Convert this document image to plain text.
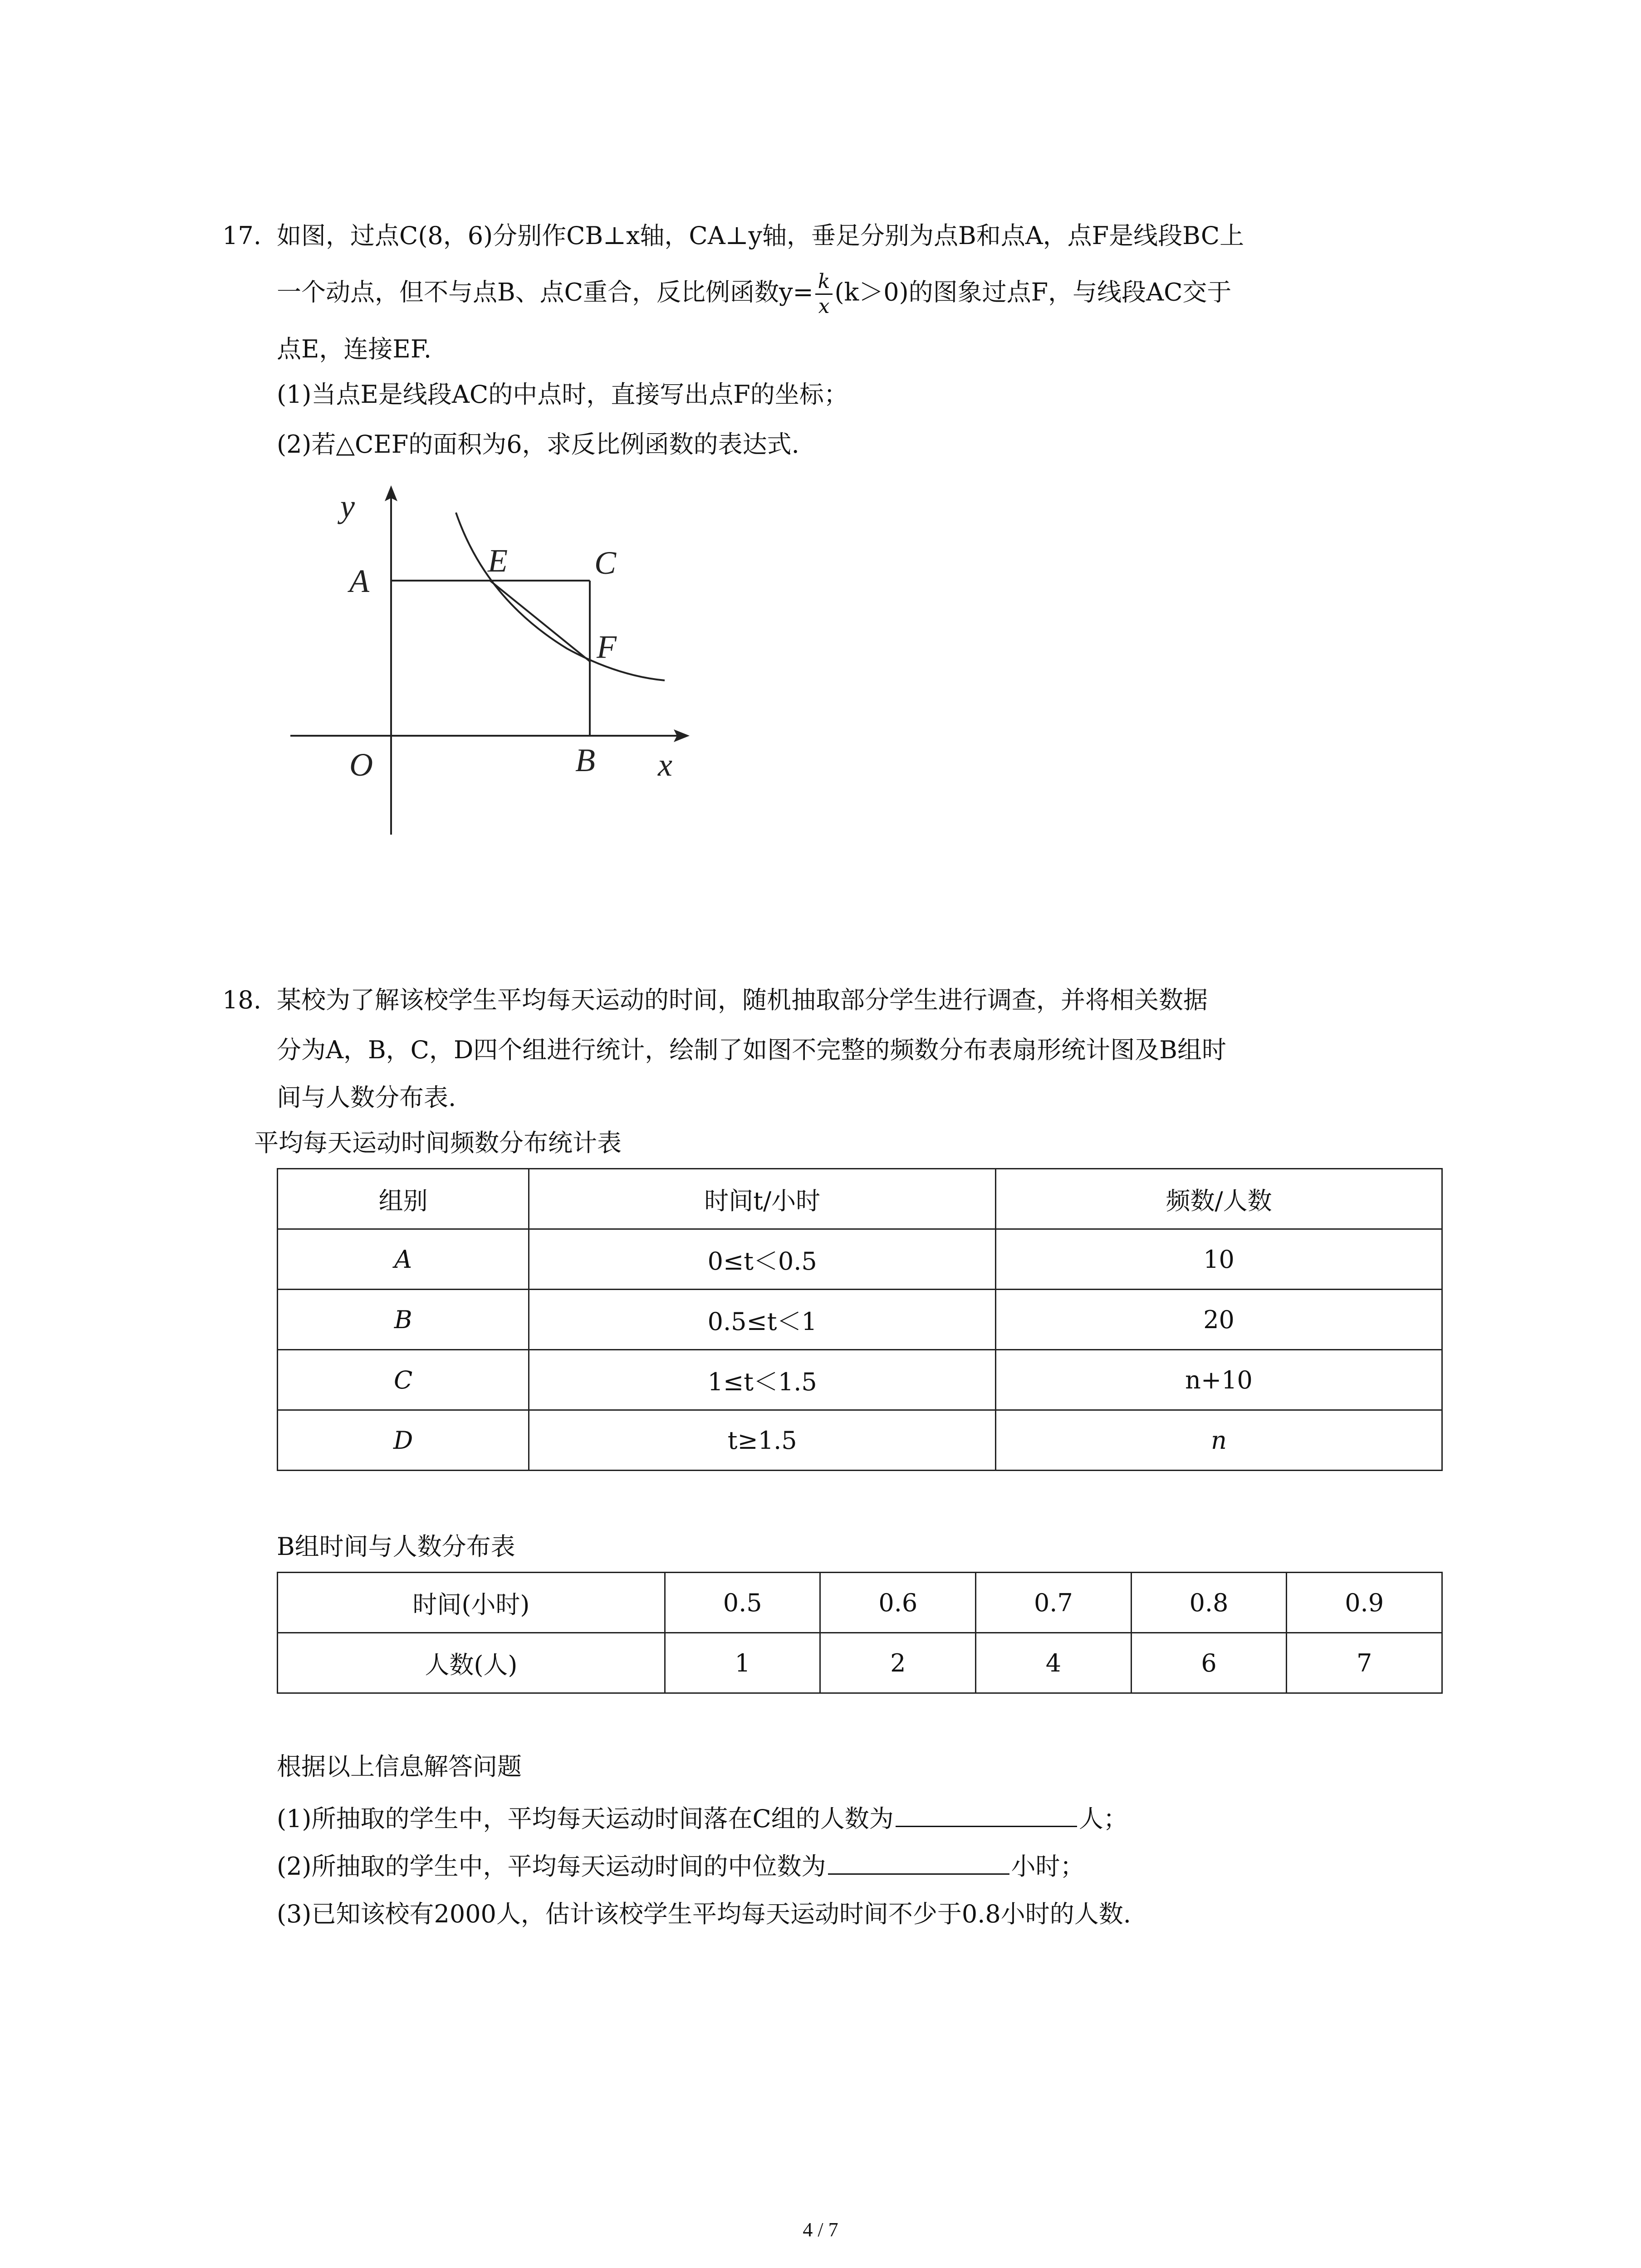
17. 如图，过点C(8，6)分别作CB⊥x轴，CA⊥y轴，垂足分别为点B和点A，点F是线段BC上
一个动点，但不与点B、点C重合，反比例函数$y= \frac{k}{x} (k>0)$的图象过点F，与线段AC交于
点E，连接EF.
(1)当点E是线段AC的中点时，直接写出点F的坐标；
(2)若△CEF的面积为6，求反比例函数的表达式.
y
A
E	C
F
O	B x
18. 某校为了解该校学生平均每天运动的时间，随机抽取部分学生进行调查，并将相关数据
分为A，B，C，D四个组进行统计，绘制了如图不完整的频数分布表扇形统计图及B组时
间与人数分布表.
平均每天运动时间频数分布统计表
组别	时间t/小时	频数/人数
A	0≤t＜0.5	10
B	0.5≤t＜1	20
C	1≤t＜1.5	n+10
D	t≥1.5	n
B组时间与人数分布表
时间(小时)	0.5	0.6	0.7	0.8	0.9
人数(人)	1	2	4	6	7
根据以上信息解答问题
(1)所抽取的学生中，平均每天运动时间落在C组的人数为	人；
(2)所抽取的学生中，平均每天运动时间的中位数为	小时；
(3)已知该校有2000人，估计该校学生平均每天运动时间不少于0.8小时的人数.
4 / 7
